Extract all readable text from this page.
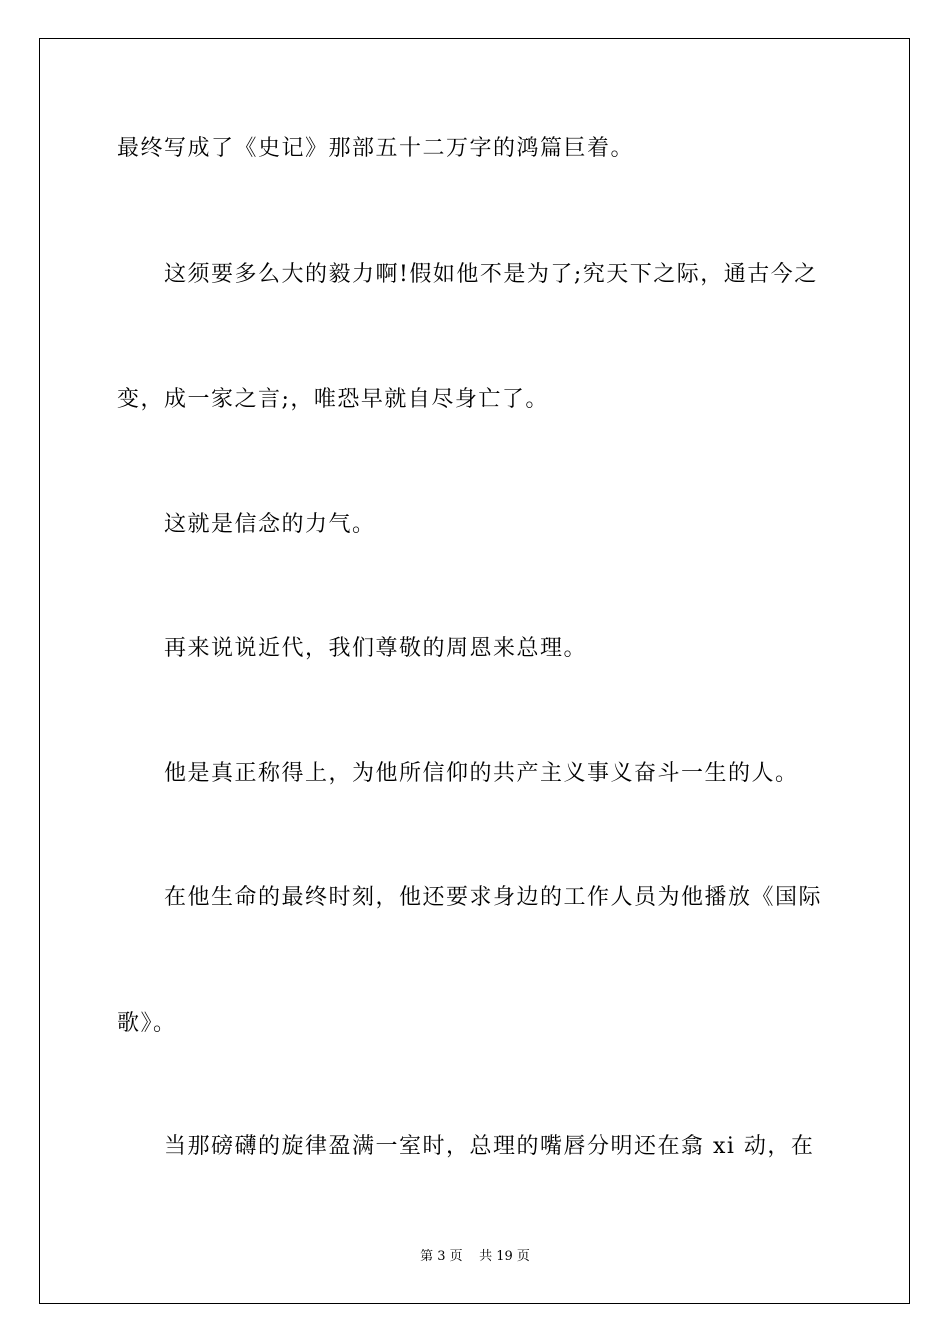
最终写成了《史记》那部五十二万字的鸿篇巨着。
这须要多么大的毅力啊!假如他不是为了;究天下之际，通古今之
变，成一家之言;，唯恐早就自尽身亡了。
这就是信念的力气。
再来说说近代，我们尊敬的周恩来总理。
他是真正称得上，为他所信仰的共产主义事义奋斗一生的人。
在他生命的最终时刻，他还要求身边的工作人员为他播放《国际
歌》。
当那磅礴的旋律盈满一室时，总理的嘴唇分明还在翕 xi 动，在
第 3 页    共 19 页
